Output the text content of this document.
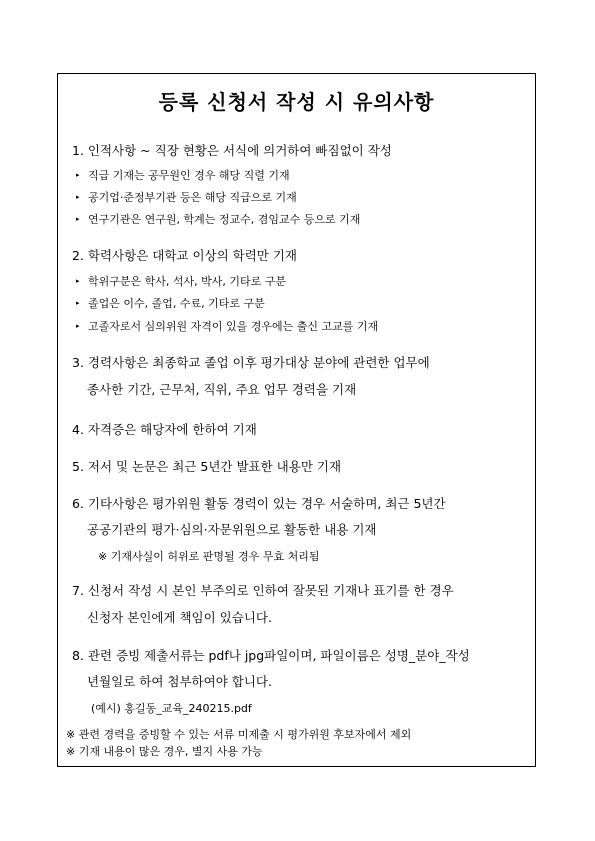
등록 신청서 작성 시 유의사항
1. 인적사항 ~ 직장 현황은 서식에 의거하여 빠짐없이 작성
▸ 직급 기재는 공무원인 경우 해당 직렬 기재
▸ 공기업·준정부기관 등은 해당 직급으로 기재
▸ 연구기관은 연구원, 학계는 정교수, 겸임교수 등으로 기재
2. 학력사항은 대학교 이상의 학력만 기재
▸ 학위구분은 학사, 석사, 박사, 기타로 구분
▸ 졸업은 이수, 졸업, 수료, 기타로 구분
▸ 고졸자로서 심의위원 자격이 있을 경우에는 출신 고교를 기재
3. 경력사항은 최종학교 졸업 이후 평가대상 분야에 관련한 업무에
종사한 기간, 근무처, 직위, 주요 업무 경력을 기재
4. 자격증은 해당자에 한하여 기재
5. 저서 및 논문은 최근 5년간 발표한 내용만 기재
6. 기타사항은 평가위원 활동 경력이 있는 경우 서술하며, 최근 5년간
공공기관의 평가·심의·자문위원으로 활동한 내용 기재
※ 기재사실이 허위로 판명될 경우 무효 처리됨
7. 신청서 작성 시 본인 부주의로 인하여 잘못된 기재나 표기를 한 경우
신청자 본인에게 책임이 있습니다.
8. 관련 증빙 제출서류는 pdf나 jpg파일이며, 파일이름은 성명_분야_작성
년월일로 하여 첨부하여야 합니다.
(예시) 홍길동_교육_240215.pdf
※ 관련 경력을 증빙할 수 있는 서류 미제출 시 평가위원 후보자에서 제외
※ 기재 내용이 많은 경우, 별지 사용 가능
